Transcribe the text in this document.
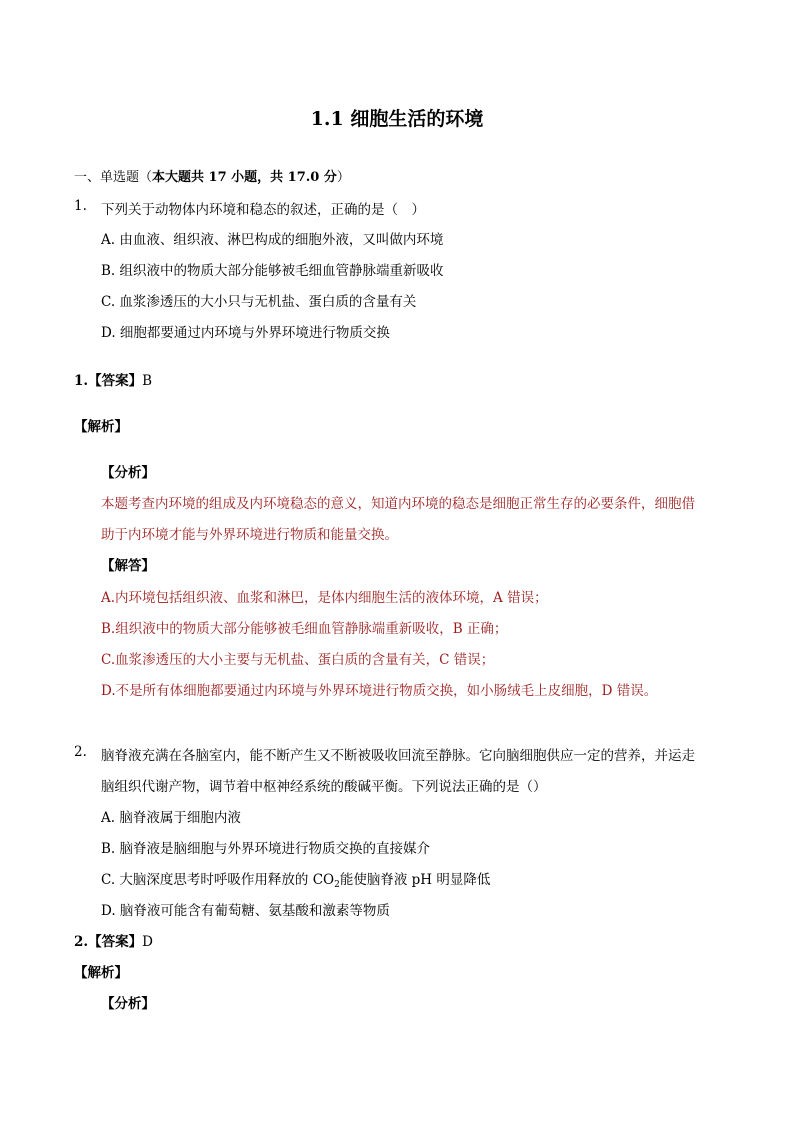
1.1 细胞生活的环境
一、单选题（本大题共 17 小题，共 17.0 分）
1. 下列关于动物体内环境和稳态的叙述，正确的是（　）
A. 由血液、组织液、淋巴构成的细胞外液，又叫做内环境
B. 组织液中的物质大部分能够被毛细血管静脉端重新吸收
C. 血浆渗透压的大小只与无机盐、蛋白质的含量有关
D. 细胞都要通过内环境与外界环境进行物质交换
1.【答案】B
【解析】
【分析】
本题考查内环境的组成及内环境稳态的意义，知道内环境的稳态是细胞正常生存的必要条件，细胞借
助于内环境才能与外界环境进行物质和能量交换。
【解答】
A.内环境包括组织液、血浆和淋巴，是体内细胞生活的液体环境，A 错误；
B.组织液中的物质大部分能够被毛细血管静脉端重新吸收，B 正确；
C.血浆渗透压的大小主要与无机盐、蛋白质的含量有关，C 错误；
D.不是所有体细胞都要通过内环境与外界环境进行物质交换，如小肠绒毛上皮细胞，D 错误。
2. 脑脊液充满在各脑室内，能不断产生又不断被吸收回流至静脉。它向脑细胞供应一定的营养，并运走
脑组织代谢产物，调节着中枢神经系统的酸碱平衡。下列说法正确的是（）
A. 脑脊液属于细胞内液
B. 脑脊液是脑细胞与外界环境进行物质交换的直接媒介
C. 大脑深度思考时呼吸作用释放的 $CO_2$能使脑脊液 pH 明显降低
D. 脑脊液可能含有葡萄糖、氨基酸和激素等物质
2.【答案】D
【解析】
【分析】
